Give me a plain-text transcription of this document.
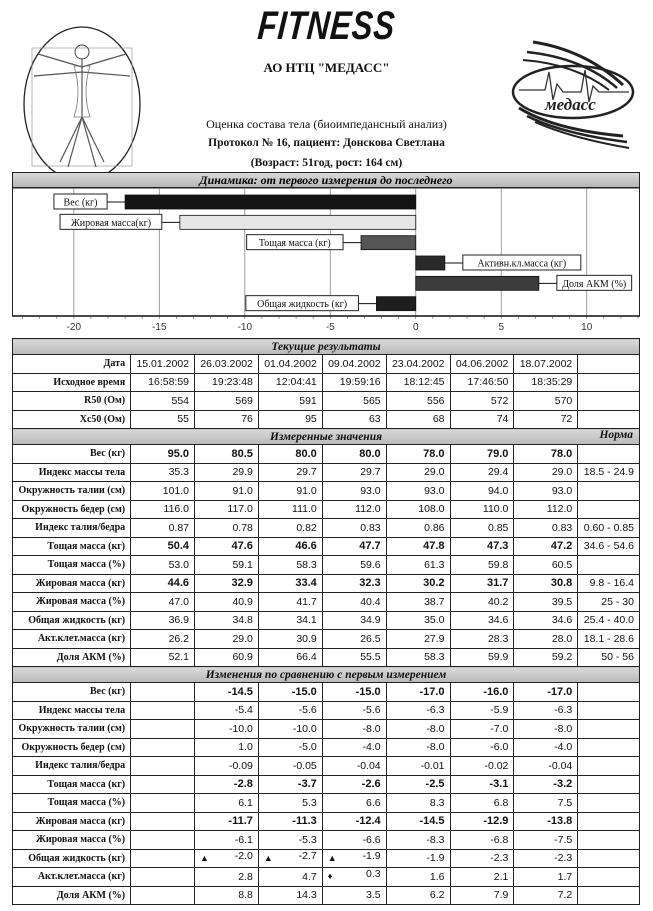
FITNESS
АО НТЦ "МЕДАСС"
Оценка состава тела (биоимпедансный анализ)
Протокол № 16, пациент: Донскова Светлана
(Возраст: 51год, рост: 164 см)
медасс
Динамика: от первого измерения до последнего
Вес (кг)
Жировая масса(кг)
Тощая масса (кг)
Активн.кл.масса (кг)
Доля АКМ (%)
Общая жидкость (кг)
-20	-15	-10	-5	0	5	10
Текущие результаты								
Дата	15.01.2002	26.03.2002	01.04.2002	09.04.2002	23.04.2002	04.06.2002	18.07.2002	
Исходное время	16:58:59	19:23:48	12:04:41	19:59:16	18:12:45	17:46:50	18:35:29	
R50 (Ом)	554	569	591	565	556	572	570	
Xc50 (Ом)	55	76	95	63	68	74	72	
Измеренные значения Норма								

Вес (кг)	95.0	80.5	80.0	80.0	78.0	79.0	78.0	
Индекс массы тела	35.3	29.9	29.7	29.7	29.0	29.4	29.0	18.5 - 24.9
Окружность талии (см)	101.0	91.0	91.0	93.0	93.0	94.0	93.0	
Окружность бедер (см)	116.0	117.0	111.0	112.0	108.0	110.0	112.0	
Индекс талия/бедра	0.87	0.78	0.82	0.83	0.86	0.85	0.83	0.60 - 0.85
Тощая масса (кг)	50.4	47.6	46.6	47.7	47.8	47.3	47.2	34.6 - 54.6
Тощая масса (%)	53.0	59.1	58.3	59.6	61.3	59.8	60.5	
Жировая масса (кг)	44.6	32.9	33.4	32.3	30.2	31.7	30.8	9.8 - 16.4
Жировая масса (%)	47.0	40.9	41.7	40.4	38.7	40.2	39.5	25 - 30
Общая жидкость (кг)	36.9	34.8	34.1	34.9	35.0	34.6	34.6	25.4 - 40.0
Акт.клет.масса (кг)	26.2	29.0	30.9	26.5	27.9	28.3	28.0	18.1 - 28.6
Доля АКМ (%)	52.1	60.9	66.4	55.5	58.3	59.9	59.2	50 - 56
Изменения по сравнению с первым измерением								
Вес (кг)		-14.5	-15.0	-15.0	-17.0	-16.0	-17.0	
Индекс массы тела		-5.4	-5.6	-5.6	-6.3	-5.9	-6.3	
Окружность талии (см)		-10.0	-10.0	-8.0	-8.0	-7.0	-8.0	
Окружность бедер (см)		1.0	-5.0	-4.0	-8.0	-6.0	-4.0	
Индекс талия/бедра		-0.09	-0.05	-0.04	-0.01	-0.02	-0.04	
Тощая масса (кг)		-2.8	-3.7	-2.6	-2.5	-3.1	-3.2	
Тощая масса (%)		6.1	5.3	6.6	8.3	6.8	7.5	
Жировая масса (кг)		-11.7	-11.3	-12.4	-14.5	-12.9	-13.8	
Жировая масса (%)		-6.1	-5.3	-6.6	-8.3	-6.8	-7.5	
Общая жидкость (кг)		▲ -2.0	▲ -2.7	▲ -1.9	-1.9	-2.3	-2.3	
Акт.клет.масса (кг)		2.8	4.7	♦ 0.3	1.6	2.1	1.7	
Доля АКМ (%)		8.8	14.3	3.5	6.2	7.9	7.2	
